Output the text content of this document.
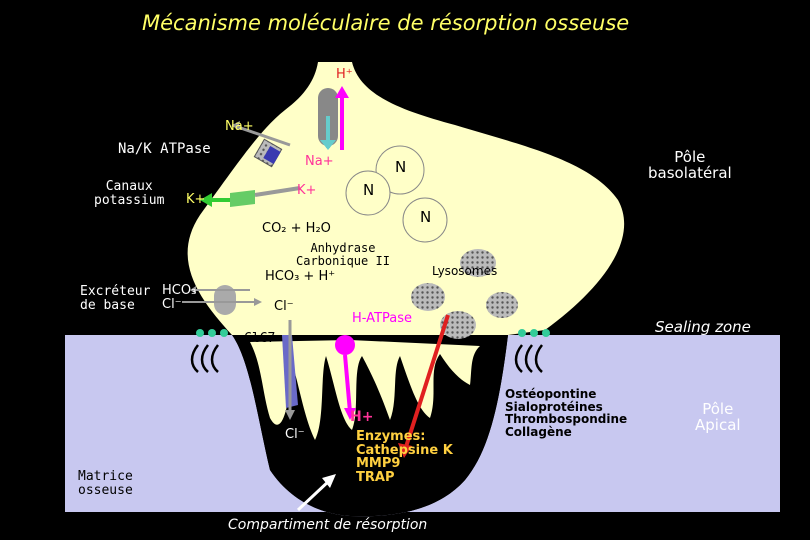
Mécanisme moléculaire de résorption osseuse
Excréteur
d'acide
H⁺
Na+
Na/K ATPase
Na+
K+
Canaux
potassium K+
CO₂ + H₂O
Anhydrase
Carbonique II
HCO₃ + H⁺
Excréteur
de base
HCO₃
Cl⁻	Cl⁻
ClC7
H-ATPase
Lysosomes
N
N
N
Pôle
basolatéral
Sealing zone
Pôle
Apical
Matrice
osseuse
Cl⁻
H+
Enzymes:
Cathepsine K
MMP9
TRAP
Ostéopontine
Sialoprotéines
Thrombospondine
Collagène
Compartiment de résorption
